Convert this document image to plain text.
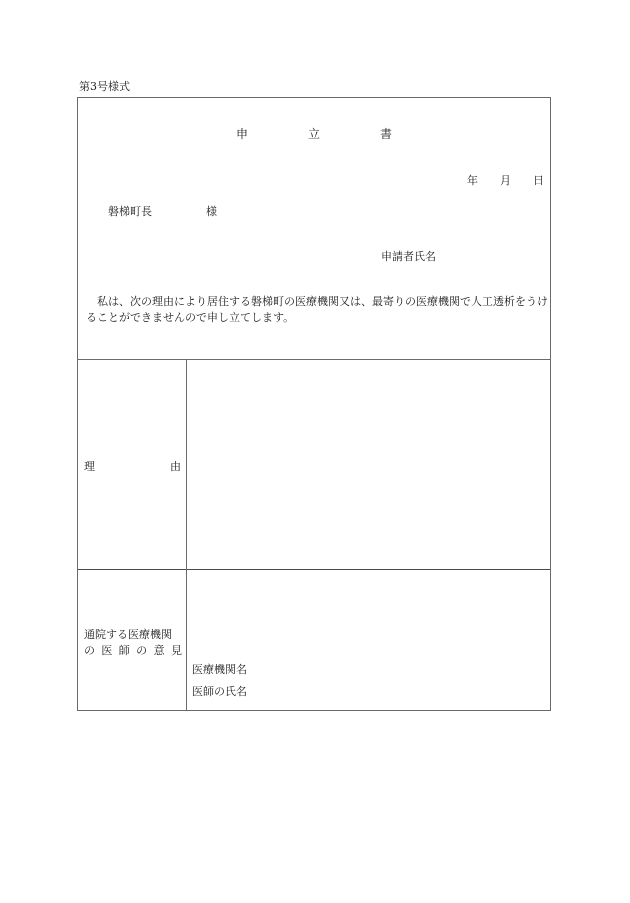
第3号様式
申	立	書
年 月 日
磐梯町長	様
申請者氏名
私は、次の理由により居住する磐梯町の医療機関又は、最寄りの医療機関で人工透析をうけることができませんので申し立てします。
理	由
通院する医療機関
の 医 師 の 意 見
医療機関名
医師の氏名
